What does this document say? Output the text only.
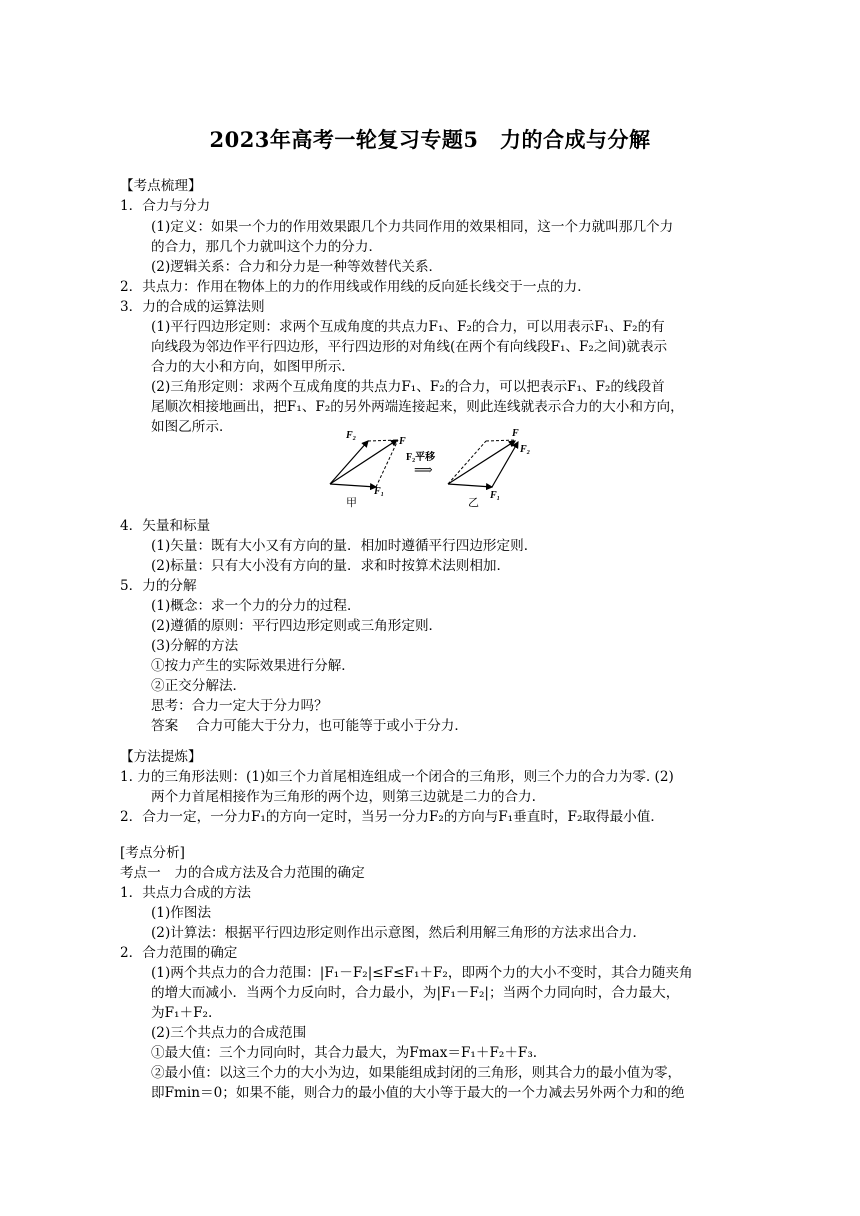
2023年高考一轮复习专题5　力的合成与分解
【考点梳理】
1．合力与分力
(1)定义：如果一个力的作用效果跟几个力共同作用的效果相同，这一个力就叫那几个力
的合力，那几个力就叫这个力的分力．
(2)逻辑关系：合力和分力是一种等效替代关系．
2．共点力：作用在物体上的力的作用线或作用线的反向延长线交于一点的力．
3．力的合成的运算法则
(1)平行四边形定则：求两个互成角度的共点力F₁、F₂的合力，可以用表示F₁、F₂的有
向线段为邻边作平行四边形，平行四边形的对角线(在两个有向线段F₁、F₂之间)就表示
合力的大小和方向，如图甲所示．
(2)三角形定则：求两个互成角度的共点力F₁、F₂的合力，可以把表示F₁、F₂的线段首
尾顺次相接地画出，把F₁、F₂的另外两端连接起来，则此连线就表示合力的大小和方向，
如图乙所示．
4．矢量和标量
(1)矢量：既有大小又有方向的量．相加时遵循平行四边形定则．
(2)标量：只有大小没有方向的量．求和时按算术法则相加．
5．力的分解
(1)概念：求一个力的分力的过程．
(2)遵循的原则：平行四边形定则或三角形定则．
(3)分解的方法
①按力产生的实际效果进行分解．
②正交分解法．
思考：合力一定大于分力吗？
答案　 合力可能大于分力，也可能等于或小于分力．
【方法提炼】
1. 力的三角形法则：(1)如三个力首尾相连组成一个闭合的三角形，则三个力的合力为零. (2)
两个力首尾相接作为三角形的两个边，则第三边就是二力的合力.
2．合力一定，一分力F₁的方向一定时，当另一分力F₂的方向与F₁垂直时，F₂取得最小值．
[考点分析]
考点一　力的合成方法及合力范围的确定
1．共点力合成的方法
(1)作图法
(2)计算法：根据平行四边形定则作出示意图，然后利用解三角形的方法求出合力．
2．合力范围的确定
(1)两个共点力的合力范围：|F₁－F₂|≤F≤F₁＋F₂，即两个力的大小不变时，其合力随夹角
的增大而减小．当两个力反向时，合力最小，为|F₁－F₂|；当两个力同向时，合力最大，
为F₁＋F₂.
(2)三个共点力的合成范围
①最大值：三个力同向时，其合力最大，为Fmax＝F₁＋F₂＋F₃.
②最小值：以这三个力的大小为边，如果能组成封闭的三角形，则其合力的最小值为零，
即Fmin＝0；如果不能，则合力的最小值的大小等于最大的一个力减去另外两个力和的绝
F₂
F
F₁
甲
F₂平移
⟹
F
F₂
F₁
乙
